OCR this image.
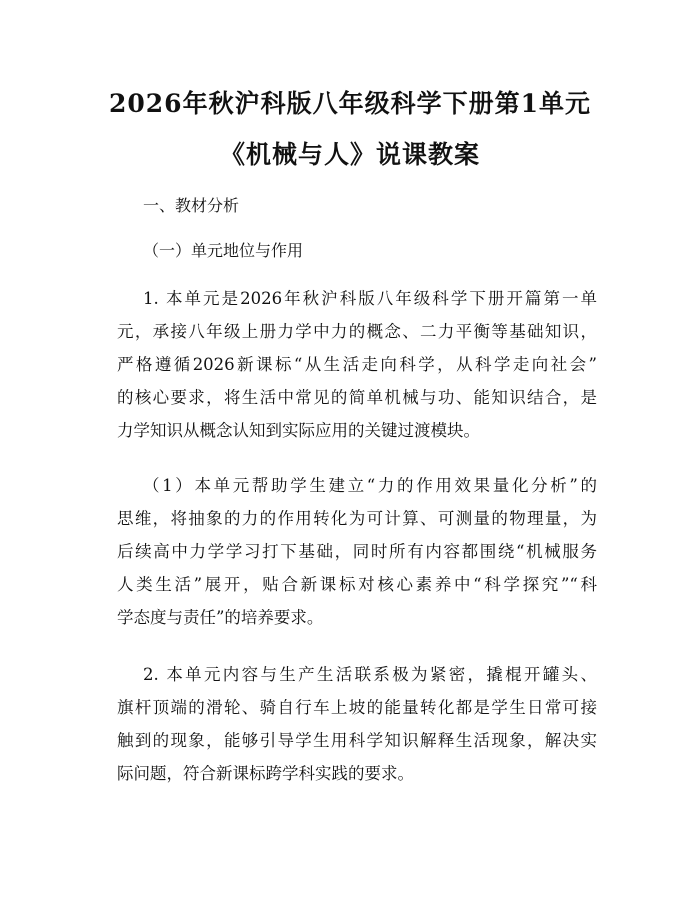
2026年秋沪科版八年级科学下册第1单元
《机械与人》说课教案
一、教材分析
（一）单元地位与作用
1. 本单元是2026年秋沪科版八年级科学下册开篇第一单
元，承接八年级上册力学中力的概念、二力平衡等基础知识，
严格遵循2026新课标“从生活走向科学，从科学走向社会”
的核心要求，将生活中常见的简单机械与功、能知识结合，是
力学知识从概念认知到实际应用的关键过渡模块。
（1）本单元帮助学生建立“力的作用效果量化分析”的
思维，将抽象的力的作用转化为可计算、可测量的物理量，为
后续高中力学学习打下基础，同时所有内容都围绕“机械服务
人类生活”展开，贴合新课标对核心素养中“科学探究”“科
学态度与责任”的培养要求。
2. 本单元内容与生产生活联系极为紧密，撬棍开罐头、
旗杆顶端的滑轮、骑自行车上坡的能量转化都是学生日常可接
触到的现象，能够引导学生用科学知识解释生活现象，解决实
际问题，符合新课标跨学科实践的要求。
